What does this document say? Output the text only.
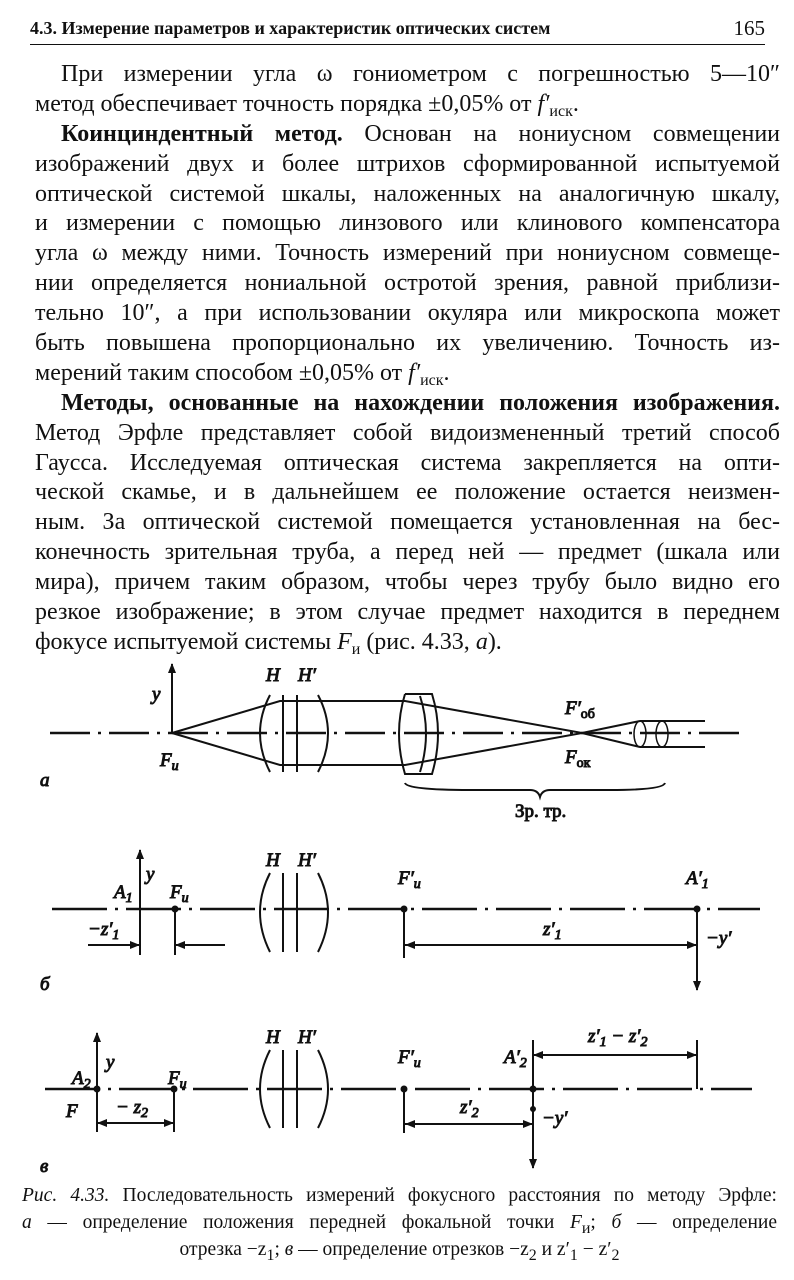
4.3. Измерение параметров и характеристик оптических систем	165
При измерении угла ω гониометром с погрешностью 5—10″
метод обеспечивает точность порядка ±0,05% от $f'_{иск}$.
Коинциндентный метод. Основан на нониусном совмещении
изображений двух и более штрихов сформированной испытуемой
оптической системой шкалы, наложенных на аналогичную шкалу,
и измерении с помощью линзового или клинового компенсатора
угла ω между ними. Точность измерений при нониусном совмеще-
нии определяется нониальной остротой зрения, равной приблизи-
тельно 10″, а при использовании окуляра или микроскопа может
быть повышена пропорционально их увеличению. Точность из-
мерений таким способом ±0,05% от $f'_{иск}$.
Методы, основанные на нахождении положения изображения.
Метод Эрфле представляет собой видоизмененный третий способ
Гаусса. Исследуемая оптическая система закрепляется на опти-
ческой скамье, и в дальнейшем ее положение остается неизмен-
ным. За оптической системой помещается установленная на бес-
конечность зрительная труба, а перед ней — предмет (шкала или
мира), причем таким образом, чтобы через трубу было видно его
резкое изображение; в этом случае предмет находится в переднем
фокусе испытуемой системы $F_и$ (рис. 4.33, а).
y
H H′
$F_и$
$F'_{об}$
$F_{ок}$
Зр. тр.
а
H H′
y
$A_1$ $F_и$
$F'_и$	$A'_1$
$-z'_1$	$z'_1$	−y′
б
H H′
y
$A_2$
F
$F_и$
− $z_2$
$F'_и$	$A'_2$
$z'_2$
$z'_1 - z'_2$
−y′
в
Рис. 4.33. Последовательность измерений фокусного расстояния по методу Эрфле:
а — определение положения передней фокальной точки $F_и$; б — определение
отрезка $-z_1$; в — определение отрезков $-z_2$ и $z'_1 - z'_2$
